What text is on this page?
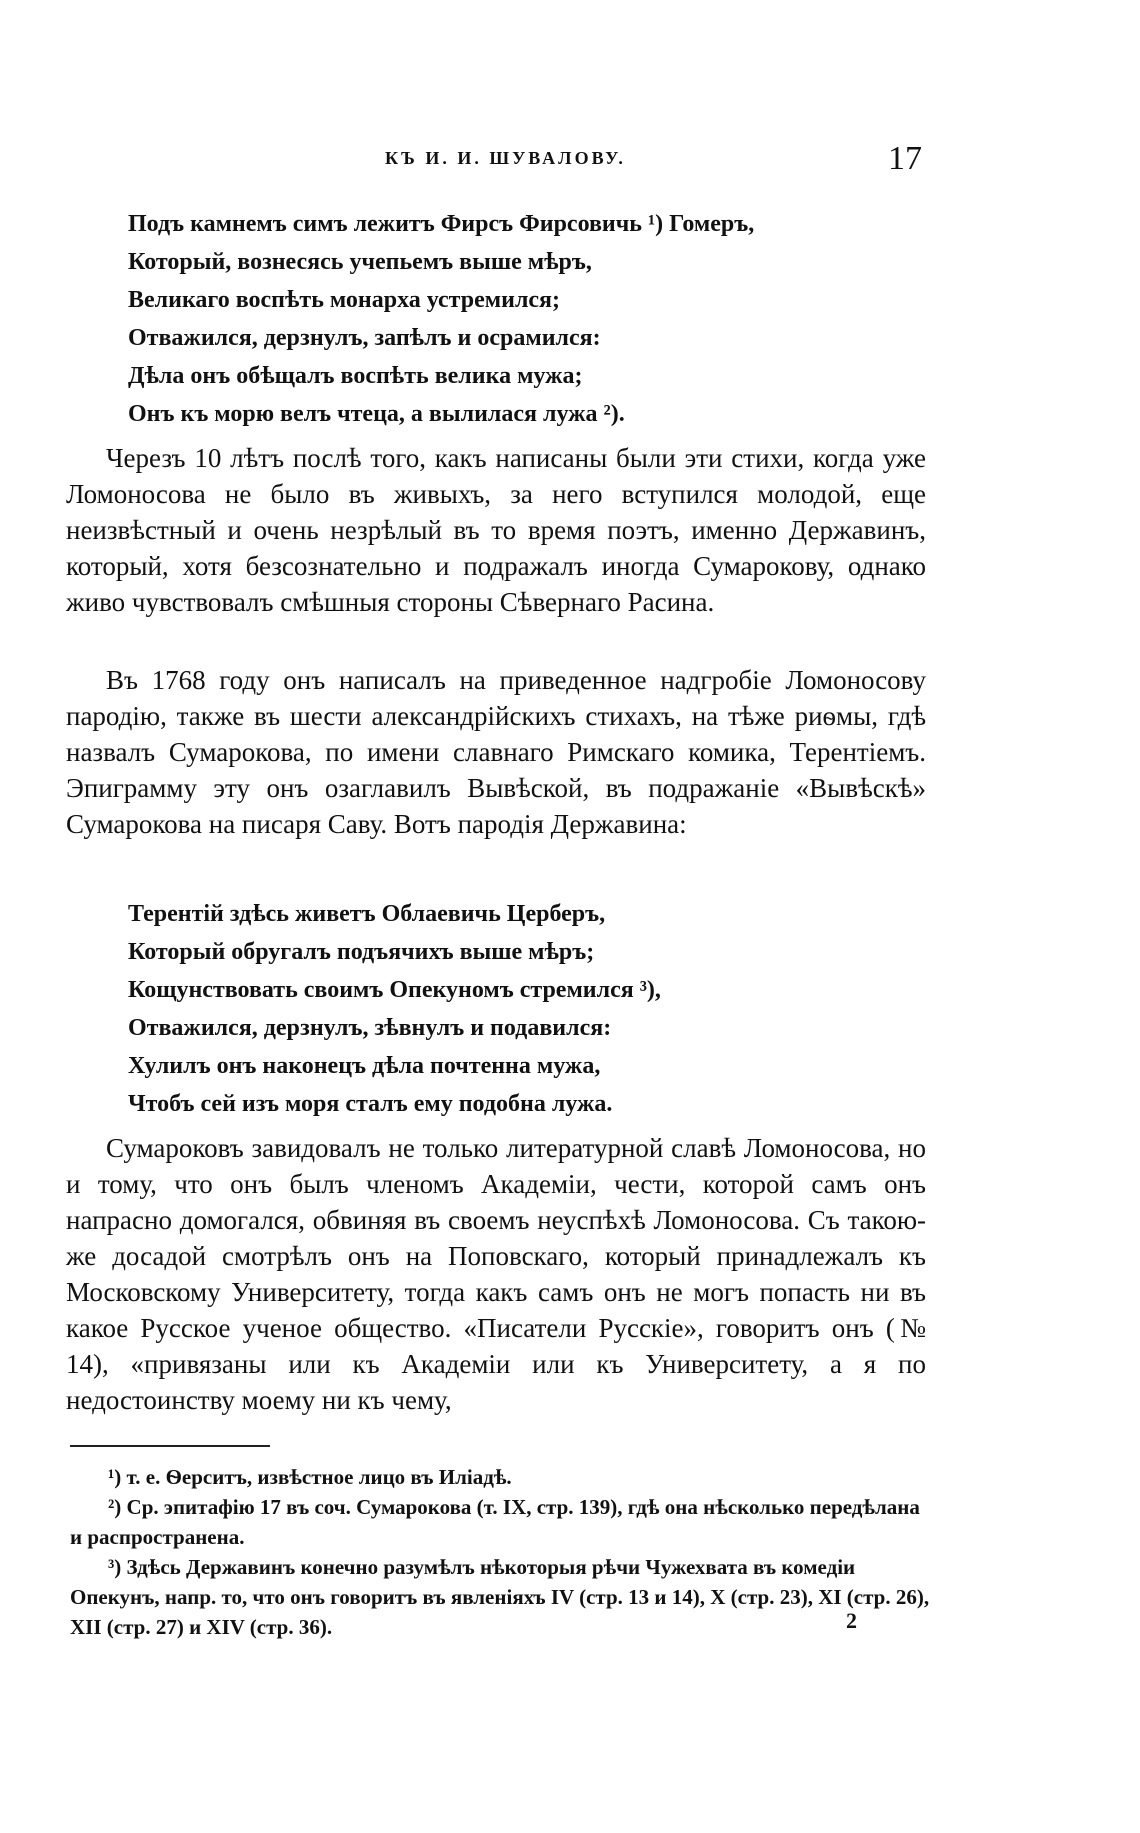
КЪ И. И. ШУВАЛОВУ.	17
Подъ камнемъ симъ лежитъ Фирсъ Фирсовичь ¹) Гомеръ,
Который, вознесясь учепьемъ выше мѣръ,
Великаго воспѣть монарха устремился;
Отважился, дерзнулъ, запѣлъ и осрамился:
Дѣла онъ обѣщалъ воспѣть велика мужа;
Онъ къ морю велъ чтеца, а вылилася лужа ²).

Черезъ 10 лѣтъ послѣ того, какъ написаны были эти стихи, когда уже Ломоносова не было въ живыхъ, за него вступился молодой, еще неизвѣстный и очень незрѣлый въ то время поэтъ, именно Державинъ, который, хотя безсознательно и подражалъ иногда Сумарокову, однако живо чувствовалъ смѣшныя стороны Сѣвернаго Расина.

Въ 1768 году онъ написалъ на приведенное надгробіе Ломоносову пародію, также въ шести александрійскихъ стихахъ, на тѣже риѳмы, гдѣ назвалъ Сумарокова, по имени славнаго Римскаго комика, Терентіемъ. Эпиграмму эту онъ озаглавилъ Вывѣской, въ подражаніе «Вывѣскѣ» Сумарокова на писаря Саву. Вотъ пародія Державина:

Терентій здѣсь живетъ Облаевичь Церберъ,
Который обругалъ подъячихъ выше мѣръ;
Кощунствовать своимъ Опекуномъ стремился ³),
Отважился, дерзнулъ, зѣвнулъ и подавился:
Хулилъ онъ наконецъ дѣла почтенна мужа,
Чтобъ сей изъ моря сталъ ему подобна лужа.

Сумароковъ завидовалъ не только литературной славѣ Ломоносова, но и тому, что онъ былъ членомъ Академіи, чести, которой самъ онъ напрасно домогался, обвиняя въ своемъ неуспѣхѣ Ломоносова. Съ такою-же досадой смотрѣлъ онъ на Поповскаго, который принадлежалъ къ Московскому Университету, тогда какъ самъ онъ не могъ попасть ни въ какое Русское ученое общество. «Писатели Русскіе», говоритъ онъ (№ 14), «привязаны или къ Академіи или къ Университету, а я по недостоинству моему ни къ чему,

¹) т. е. Ѳерситъ, извѣстное лицо въ Иліадѣ.

²) Ср. эпитафію 17 въ соч. Сумарокова (т. IX, стр. 139), гдѣ она нѣсколько передѣлана и распространена.

³) Здѣсь Державинъ конечно разумѣлъ нѣкоторыя рѣчи Чужехвата въ комедіи Опекунъ, напр. то, что онъ говоритъ въ явленіяхъ IV (стр. 13 и 14), X (стр. 23), XI (стр. 26), XII (стр. 27) и XIV (стр. 36).	2
